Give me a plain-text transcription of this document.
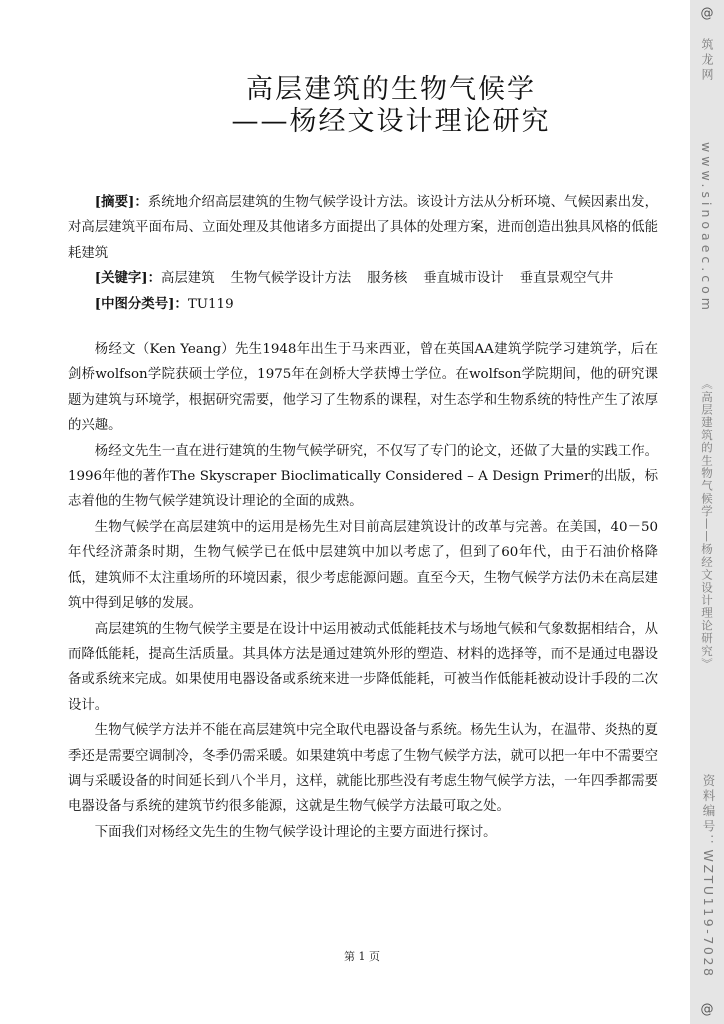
高层建筑的生物气候学
——杨经文设计理论研究

[摘要]：系统地介绍高层建筑的生物气候学设计方法。该设计方法从分析环境、气候因素出发，对高层建筑平面布局、立面处理及其他诸多方面提出了具体的处理方案，进而创造出独具风格的低能耗建筑

[关键字]：高层建筑 生物气候学设计方法 服务核 垂直城市设计 垂直景观空气井

[中图分类号]：TU119

杨经文（Ken Yeang）先生1948年出生于马来西亚，曾在英国AA建筑学院学习建筑学，后在剑桥wolfson学院获硕士学位，1975年在剑桥大学获博士学位。在wolfson学院期间，他的研究课题为建筑与环境学，根据研究需要，他学习了生物系的课程，对生态学和生物系统的特性产生了浓厚的兴趣。

杨经文先生一直在进行建筑的生物气候学研究，不仅写了专门的论文，还做了大量的实践工作。1996年他的著作The Skyscraper Bioclimatically Considered – A Design Primer的出版，标志着他的生物气候学建筑设计理论的全面的成熟。

生物气候学在高层建筑中的运用是杨先生对目前高层建筑设计的改革与完善。在美国，40－50年代经济萧条时期，生物气候学已在低中层建筑中加以考虑了，但到了60年代，由于石油价格降低，建筑师不太注重场所的环境因素，很少考虑能源问题。直至今天，生物气候学方法仍未在高层建筑中得到足够的发展。

高层建筑的生物气候学主要是在设计中运用被动式低能耗技术与场地气候和气象数据相结合，从而降低能耗，提高生活质量。其具体方法是通过建筑外形的塑造、材料的选择等，而不是通过电器设备或系统来完成。如果使用电器设备或系统来进一步降低能耗，可被当作低能耗被动设计手段的二次设计。

生物气候学方法并不能在高层建筑中完全取代电器设备与系统。杨先生认为，在温带、炎热的夏季还是需要空调制冷，冬季仍需采暖。如果建筑中考虑了生物气候学方法，就可以把一年中不需要空调与采暖设备的时间延长到八个半月，这样，就能比那些没有考虑生物气候学方法，一年四季都需要电器设备与系统的建筑节约很多能源，这就是生物气候学方法最可取之处。

下面我们对杨经文先生的生物气候学设计理论的主要方面进行探讨。

第 1 页
@
筑龙网
www.sinoaec.com
《高层建筑的生物气候学——杨经文设计理论研究》
资料编号：WZTU119-7028
@
